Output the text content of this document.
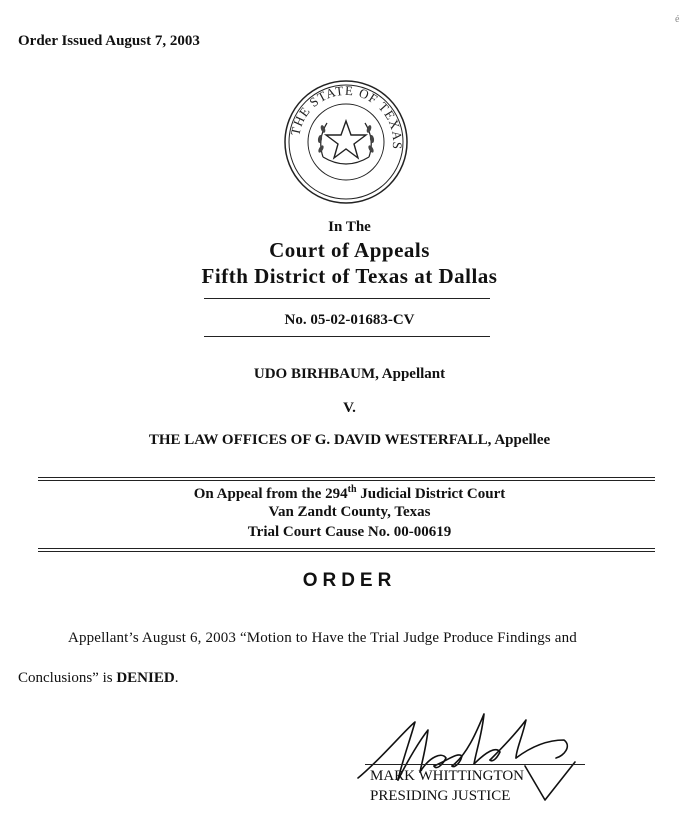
Order Issued August 7, 2003
é
THE STATE OF TEXAS
In The
Court of Appeals
Fifth District of Texas at Dallas
No. 05-02-01683-CV
UDO BIRHBAUM, Appellant
V.
THE LAW OFFICES OF G. DAVID WESTERFALL, Appellee
On Appeal from the 294th Judicial District Court
Van Zandt County, Texas
Trial Court Cause No. 00-00619
ORDER
Appellant’s August 6, 2003 “Motion to Have the Trial Judge Produce Findings and
Conclusions” is DENIED.
MARK WHITTINGTON
PRESIDING JUSTICE
